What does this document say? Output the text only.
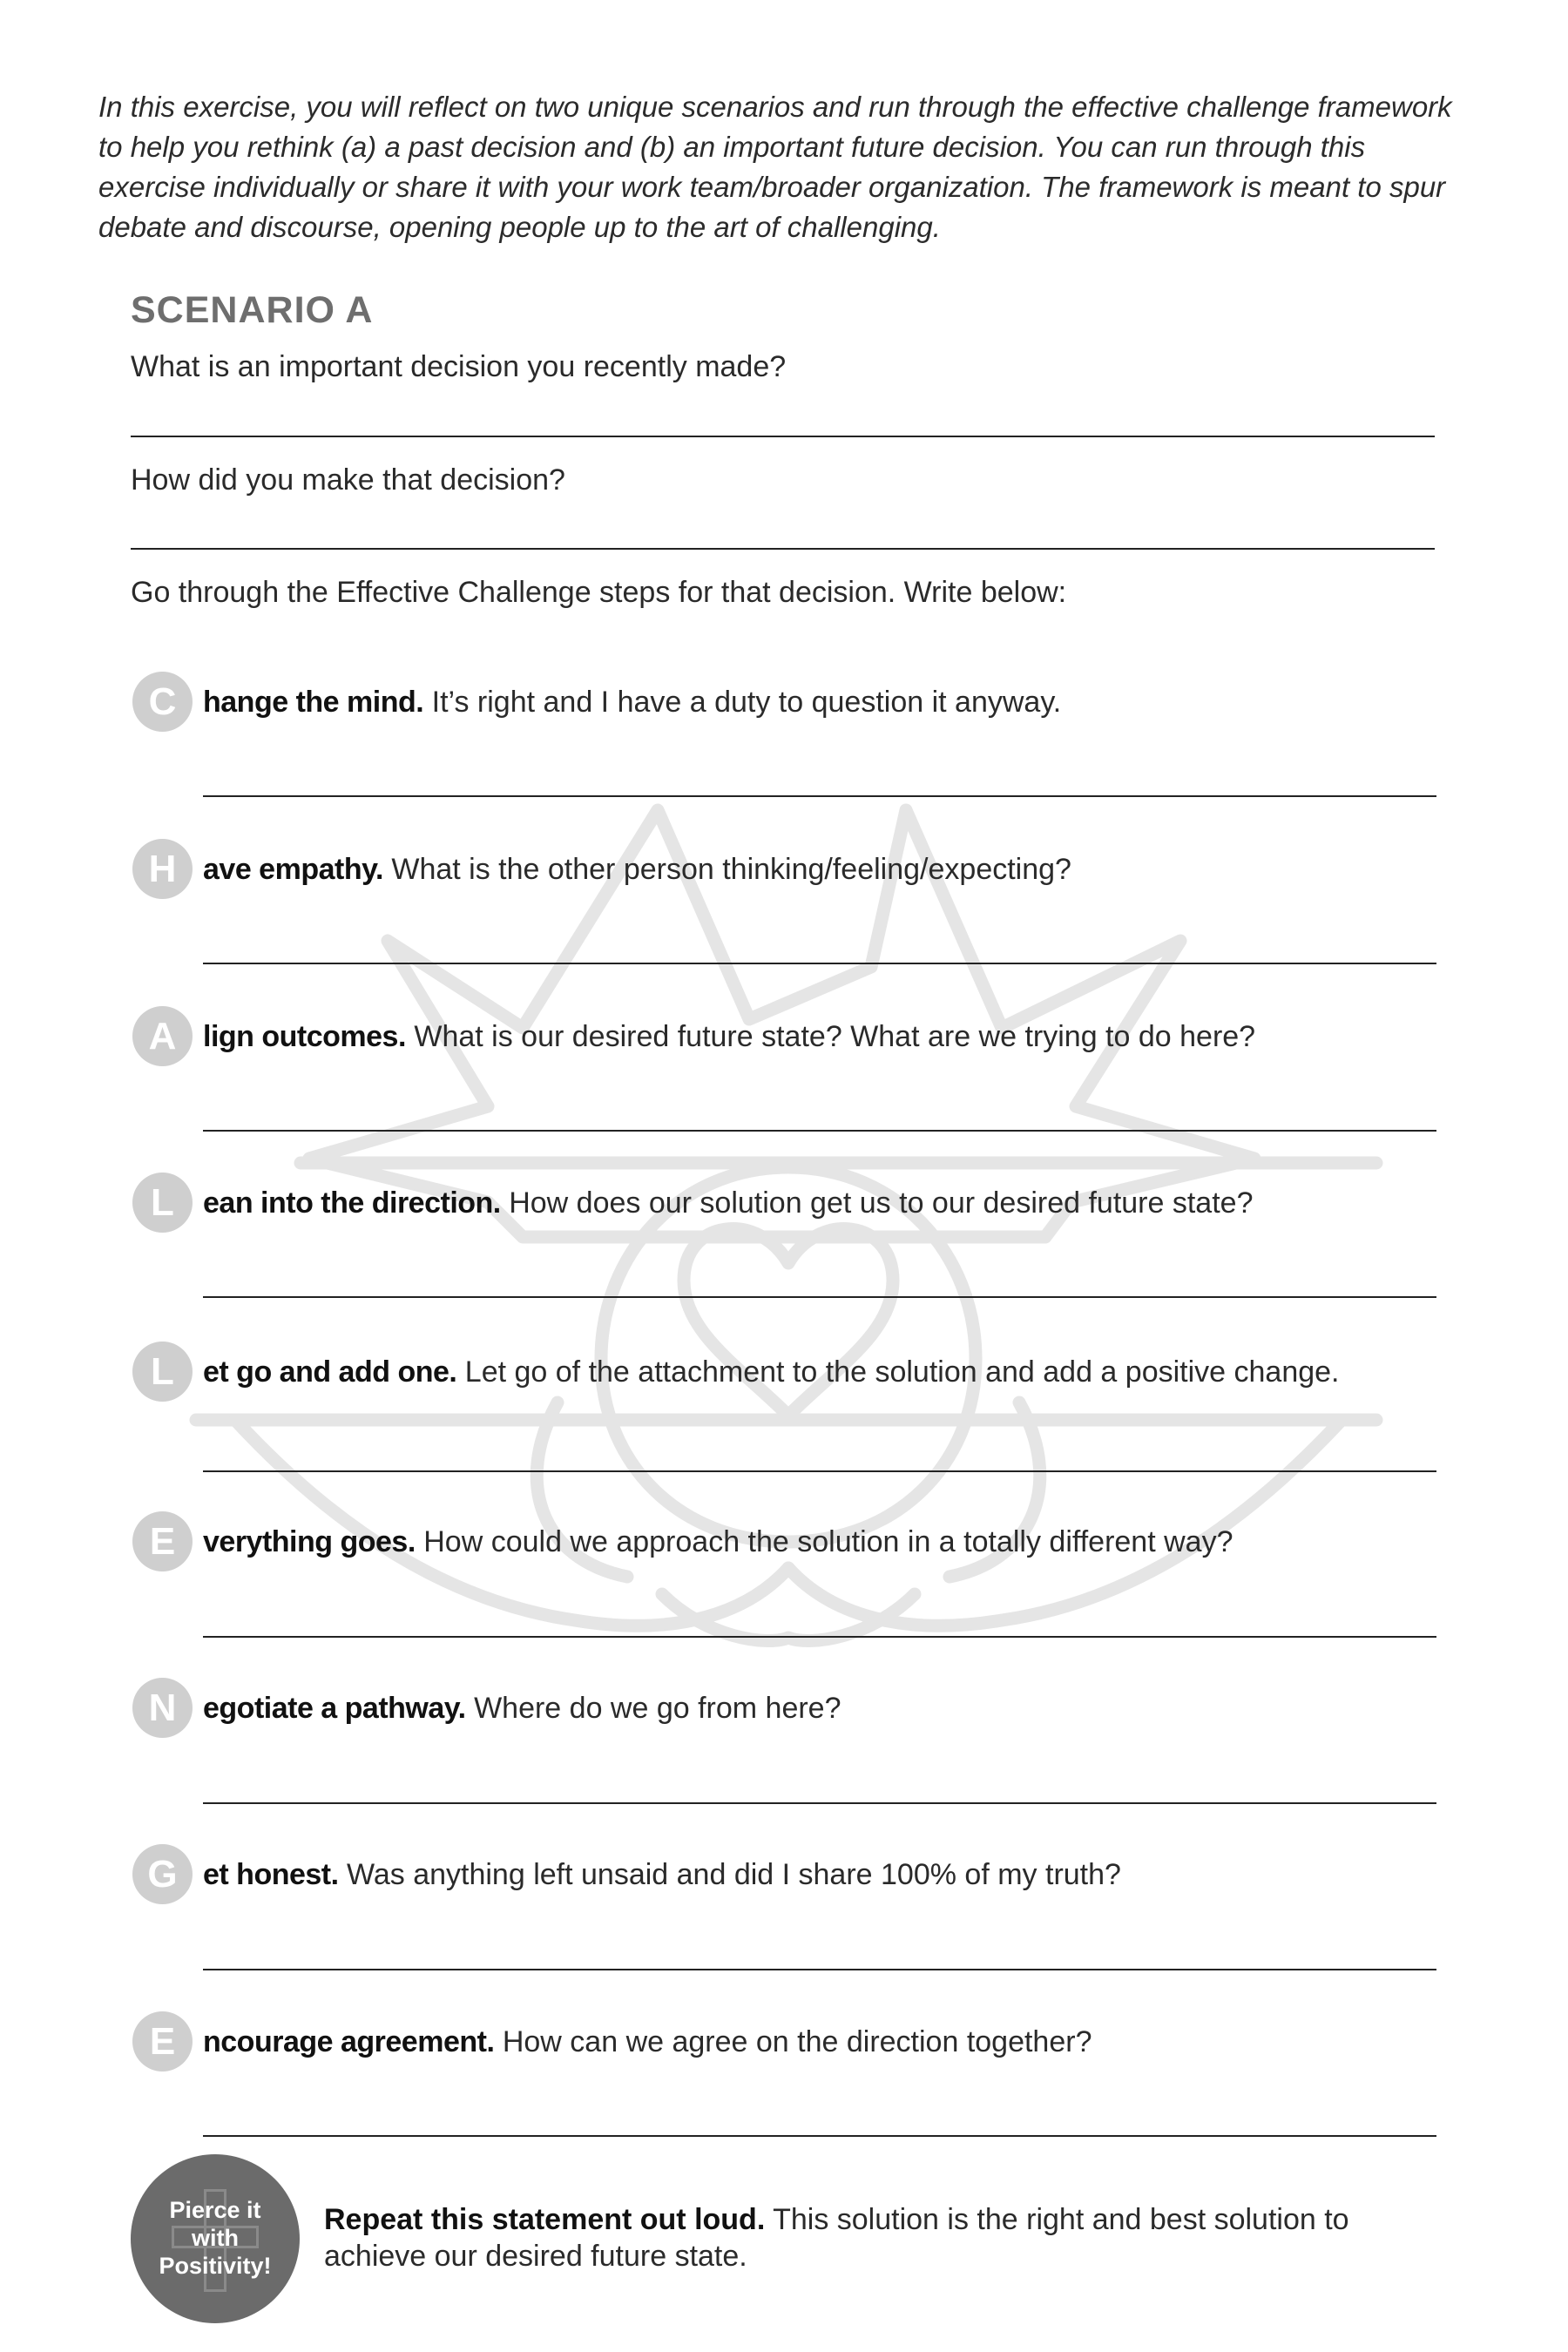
In this exercise, you will reflect on two unique scenarios and run through the effective challenge framework to help you rethink (a) a past decision and (b) an important future decision. You can run through this exercise individually or share it with your work team/broader organization. The framework is meant to spur debate and discourse, opening people up to the art of challenging.

SCENARIO A

What is an important decision you recently made?

How did you make that decision?

Go through the Effective Challenge steps for that decision. Write below:

C hange the mind. It’s right and I have a duty to question it anyway.

H ave empathy. What is the other person thinking/feeling/expecting?

A lign outcomes. What is our desired future state? What are we trying to do here?

L ean into the direction. How does our solution get us to our desired future state?

L et go and add one. Let go of the attachment to the solution and add a positive change.

E verything goes. How could we approach the solution in a totally different way?

N egotiate a pathway. Where do we go from here?

G et honest. Was anything left unsaid and did I share 100% of my truth?

E ncourage agreement. How can we agree on the direction together?

Pierce it
with
Positivity!

Repeat this statement out loud. This solution is the right and best solution to achieve our desired future state.
